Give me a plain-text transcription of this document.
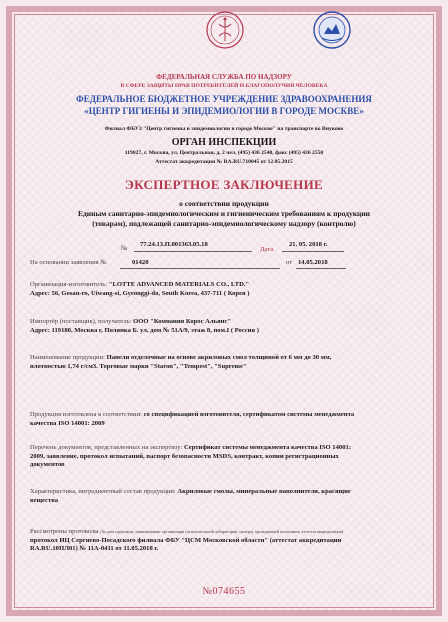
ФЕДЕРАЛЬНАЯ СЛУЖБА ПО НАДЗОРУ
В СФЕРЕ ЗАЩИТЫ ПРАВ ПОТРЕБИТЕЛЕЙ И БЛАГОПОЛУЧИЯ ЧЕЛОВЕКА
ФЕДЕРАЛЬНОЕ БЮДЖЕТНОЕ УЧРЕЖДЕНИЕ ЗДРАВООХРАНЕНИЯ
«ЦЕНТР ГИГИЕНЫ И ЭПИДЕМИОЛОГИИ В ГОРОДЕ МОСКВЕ»
Филиал ФБУЗ "Центр гигиены и эпидемиологии в городе Москве" на транспорте во Внуково
ОРГАН ИНСПЕКЦИИ
119027, г. Москва, ул. Центральная, д. 2 чел. (495) 436 2548, факс (495) 436 2550
Аттестат аккредитации № RA.RU.710045 от 12.05.2015
ЭКСПЕРТНОЕ ЗАКЛЮЧЕНИЕ
о соответствии продукции
Единым санитарно-эпидемиологическим и гигиеническим требованиям к продукции
(товарам), подлежащей санитарно-эпидемиологическому надзору (контролю)
№
77.24.13.П.001363.05.18
Дата
21. 05. 2018 г.
На основании заявления №	01420	от 14.05.2018
Организация-изготовитель: "LOTTE ADVANCED MATERIALS CO., LTD."
Адрес: 56, Gosan-ro, Uiwang-si, Gyeonggi-do, South Korea, 437-711 ( Корея )
Импортёр (поставщик), получатель: ООО "Компания Корос Альянс"
Адрес: 119180, Москва г, Полянка Б. ул, дом № 51А/9, этаж 8, пом.I ( Россия )
Наименование продукции: Панели отделочные на основе акриловых смол толщиной от 6 мм до 30 мм,
плотностью 1,74 г/см3. Торговые марки "Staron", "Tempest", "Supreme"
Продукция изготовлена в соответствии: со спецификацией изготовителя, сертификатом системы менеджмента
качества ISO 14001: 2009
Перечень документов, представленных на экспертизу: Сертификат системы менеджмента качества ISO 14001:
2009, заявление, протокол испытаний, паспорт безопасности MSDS, контракт, копии регистрационных
документов
Характеристика, ингредиентный состав продукции: Акриловые смолы, минеральные наполнители, красящие
вещества
Рассмотрены протоколы (№,дата протокола, наименование организации (испытательной лаборатории, центра), проводившей испытания, аттестат аккредитации)
протокол ИЦ Сергиево-Посадского филиала ФБУ "ЦСМ Московской области" (аттестат аккредитации
RA.RU.10ПЛ01) № 11А-0411 от 11.05.2018 г.
№074655
